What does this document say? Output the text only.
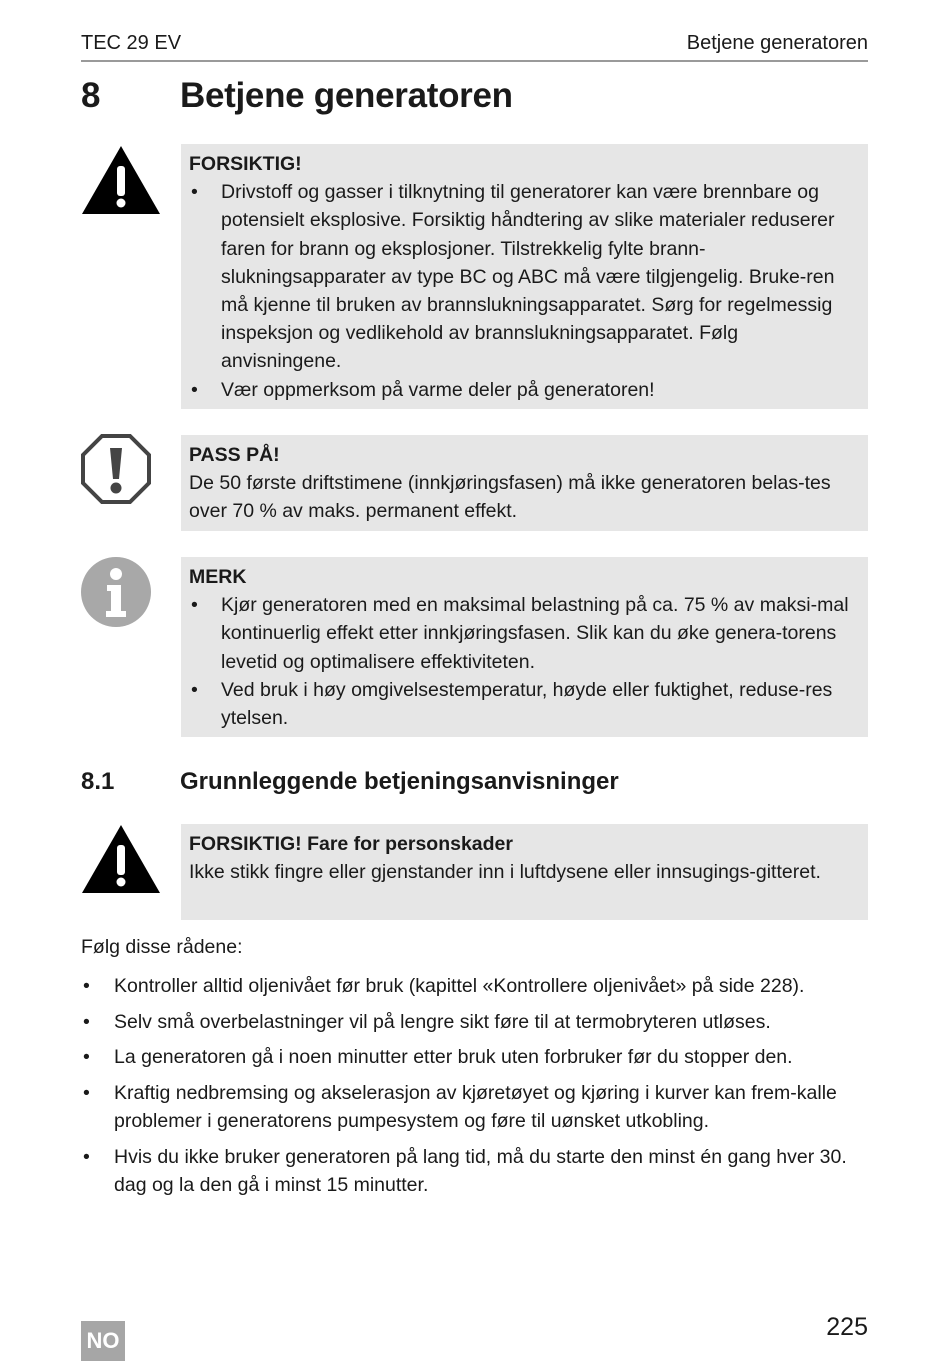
TEC 29 EV	Betjene generatoren
8 Betjene generatoren
FORSIKTIG!
• Drivstoff og gasser i tilknytning til generatorer kan være brennbare og potensielt eksplosive. Forsiktig håndtering av slike materialer reduserer faren for brann og eksplosjoner. Tilstrekkelig fylte brann-slukningsapparater av type BC og ABC må være tilgjengelig. Bruke-ren må kjenne til bruken av brannslukningsapparatet. Sørg for regelmessig inspeksjon og vedlikehold av brannslukningsapparatet. Følg anvisningene.
• Vær oppmerksom på varme deler på generatoren!
PASS PÅ!
De 50 første driftstimene (innkjøringsfasen) må ikke generatoren belas-tes over 70 % av maks. permanent effekt.
MERK
• Kjør generatoren med en maksimal belastning på ca. 75 % av maksi-mal kontinuerlig effekt etter innkjøringsfasen. Slik kan du øke genera-torens levetid og optimalisere effektiviteten.
• Ved bruk i høy omgivelsestemperatur, høyde eller fuktighet, reduse-res ytelsen.
8.1	Grunnleggende betjeningsanvisninger
FORSIKTIG! Fare for personskader
Ikke stikk fingre eller gjenstander inn i luftdysene eller innsugings-gitteret.
Følg disse rådene:
• Kontroller alltid oljenivået før bruk (kapittel «Kontrollere oljenivået» på side 228).
• Selv små overbelastninger vil på lengre sikt føre til at termobryteren utløses.
• La generatoren gå i noen minutter etter bruk uten forbruker før du stopper den.
• Kraftig nedbremsing og akselerasjon av kjøretøyet og kjøring i kurver kan frem-kalle problemer i generatorens pumpesystem og føre til uønsket utkobling.
• Hvis du ikke bruker generatoren på lang tid, må du starte den minst én gang hver 30. dag og la den gå i minst 15 minutter.
NO	225
